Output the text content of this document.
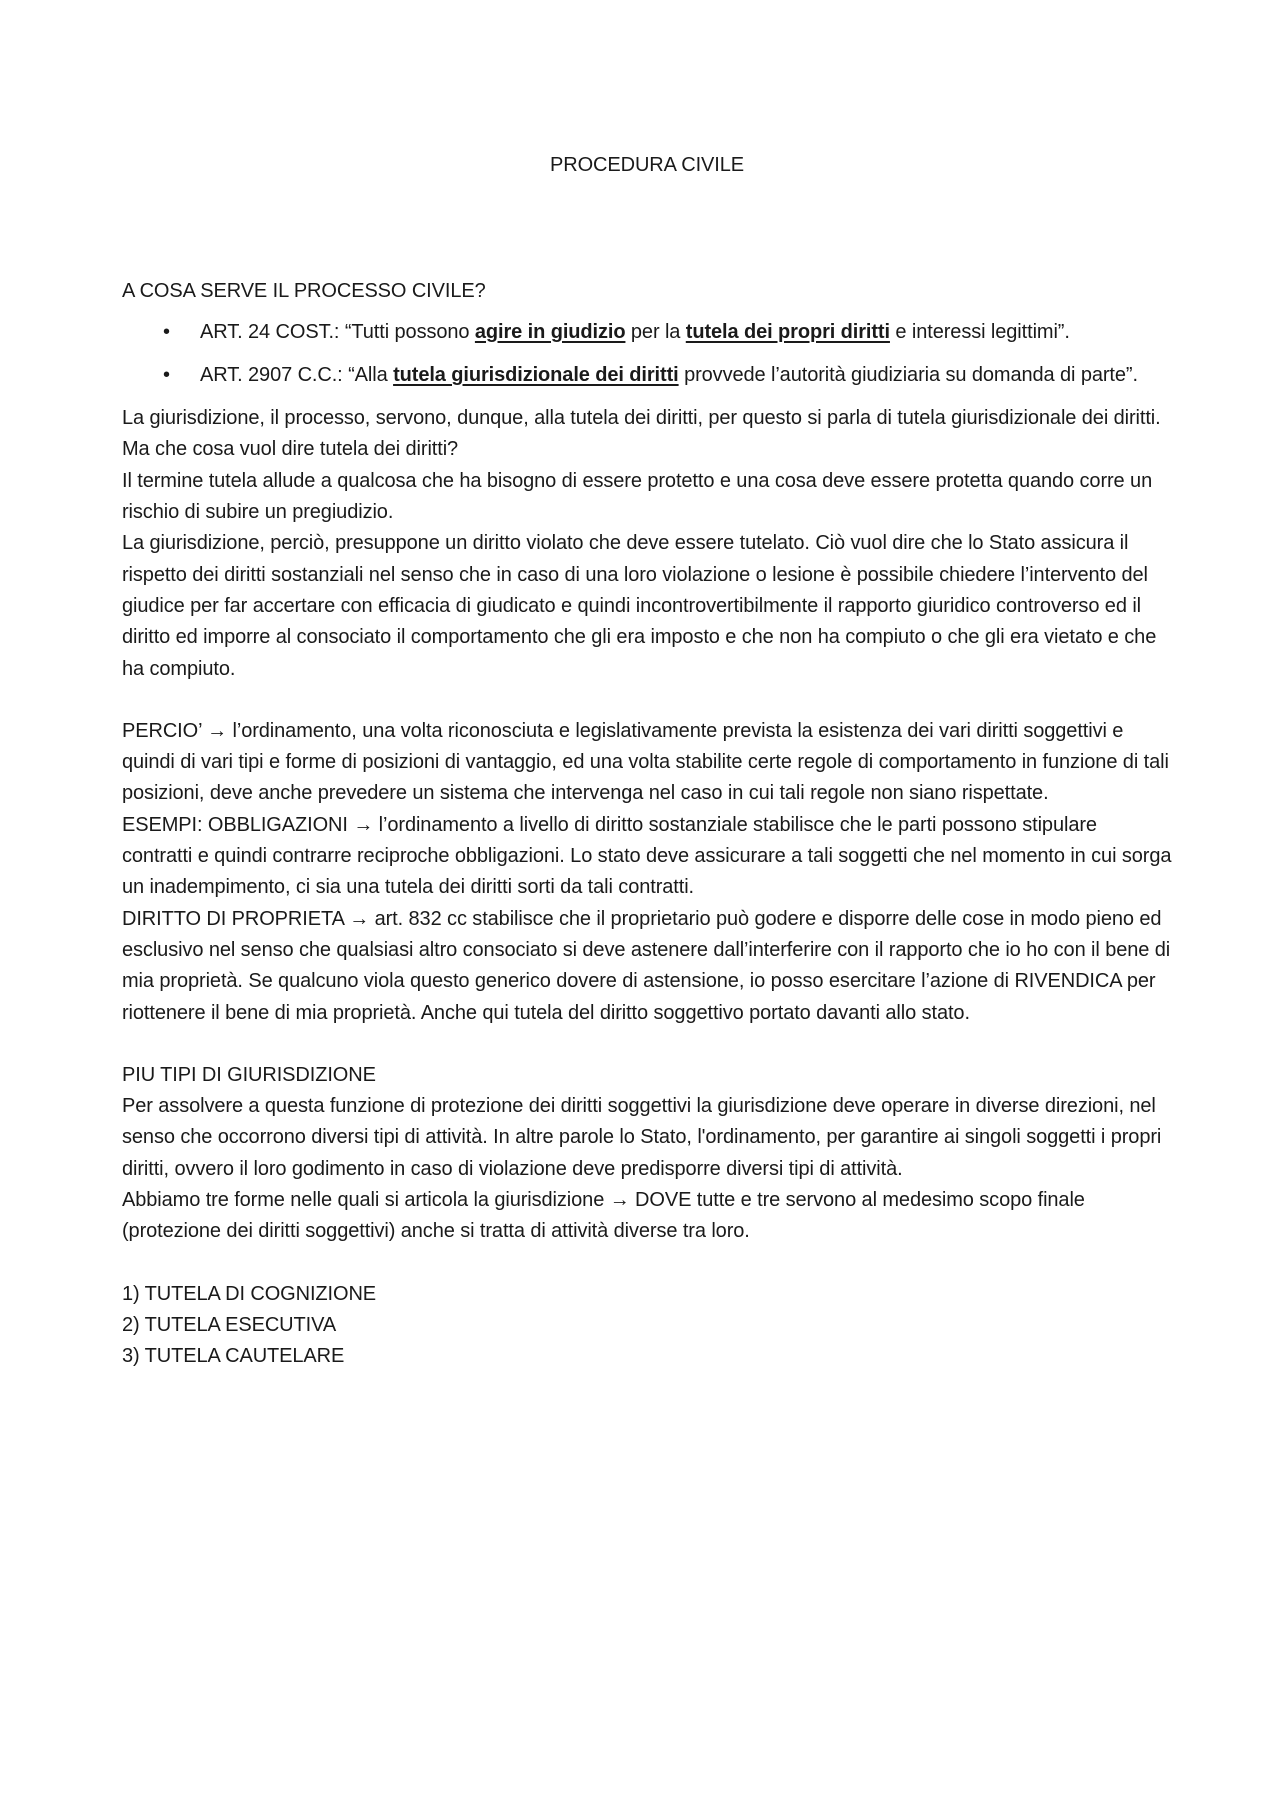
PROCEDURA CIVILE
A COSA SERVE IL PROCESSO CIVILE?
• ART. 24 COST.: “Tutti possono agire in giudizio per la tutela dei propri diritti e interessi legittimi”.
• ART. 2907 C.C.: “Alla tutela giurisdizionale dei diritti provvede l’autorità giudiziaria su domanda di parte”.

La giurisdizione, il processo, servono, dunque, alla tutela dei diritti, per questo si parla di tutela giurisdizionale dei diritti.

Ma che cosa vuol dire tutela dei diritti?

Il termine tutela allude a qualcosa che ha bisogno di essere protetto e una cosa deve essere protetta quando corre un rischio di subire un pregiudizio.

La giurisdizione, perciò, presuppone un diritto violato che deve essere tutelato. Ciò vuol dire che lo Stato assicura il rispetto dei diritti sostanziali nel senso che in caso di una loro violazione o lesione è possibile chiedere l’intervento del giudice per far accertare con efficacia di giudicato e quindi incontrovertibilmente il rapporto giuridico controverso ed il diritto ed imporre al consociato il comportamento che gli era imposto e che non ha compiuto o che gli era vietato e che ha compiuto.

PERCIO’ → l’ordinamento, una volta riconosciuta e legislativamente prevista la esistenza dei vari diritti soggettivi e quindi di vari tipi e forme di posizioni di vantaggio, ed una volta stabilite certe regole di comportamento in funzione di tali posizioni, deve anche prevedere un sistema che intervenga nel caso in cui tali regole non siano rispettate.

ESEMPI: OBBLIGAZIONI → l’ordinamento a livello di diritto sostanziale stabilisce che le parti possono stipulare contratti e quindi contrarre reciproche obbligazioni. Lo stato deve assicurare a tali soggetti che nel momento in cui sorga un inadempimento, ci sia una tutela dei diritti sorti da tali contratti.

DIRITTO DI PROPRIETA → art. 832 cc stabilisce che il proprietario può godere e disporre delle cose in modo pieno ed esclusivo nel senso che qualsiasi altro consociato si deve astenere dall’interferire con il rapporto che io ho con il bene di mia proprietà. Se qualcuno viola questo generico dovere di astensione, io posso esercitare l’azione di RIVENDICA per riottenere il bene di mia proprietà. Anche qui tutela del diritto soggettivo portato davanti allo stato.

PIU TIPI DI GIURISDIZIONE

Per assolvere a questa funzione di protezione dei diritti soggettivi la giurisdizione deve operare in diverse direzioni, nel senso che occorrono diversi tipi di attività. In altre parole lo Stato, l'ordinamento, per garantire ai singoli soggetti i propri diritti, ovvero il loro godimento in caso di violazione deve predisporre diversi tipi di attività.

Abbiamo tre forme nelle quali si articola la giurisdizione → DOVE tutte e tre servono al medesimo scopo finale (protezione dei diritti soggettivi) anche si tratta di attività diverse tra loro.

1) TUTELA DI COGNIZIONE

2) TUTELA ESECUTIVA

3) TUTELA CAUTELARE
